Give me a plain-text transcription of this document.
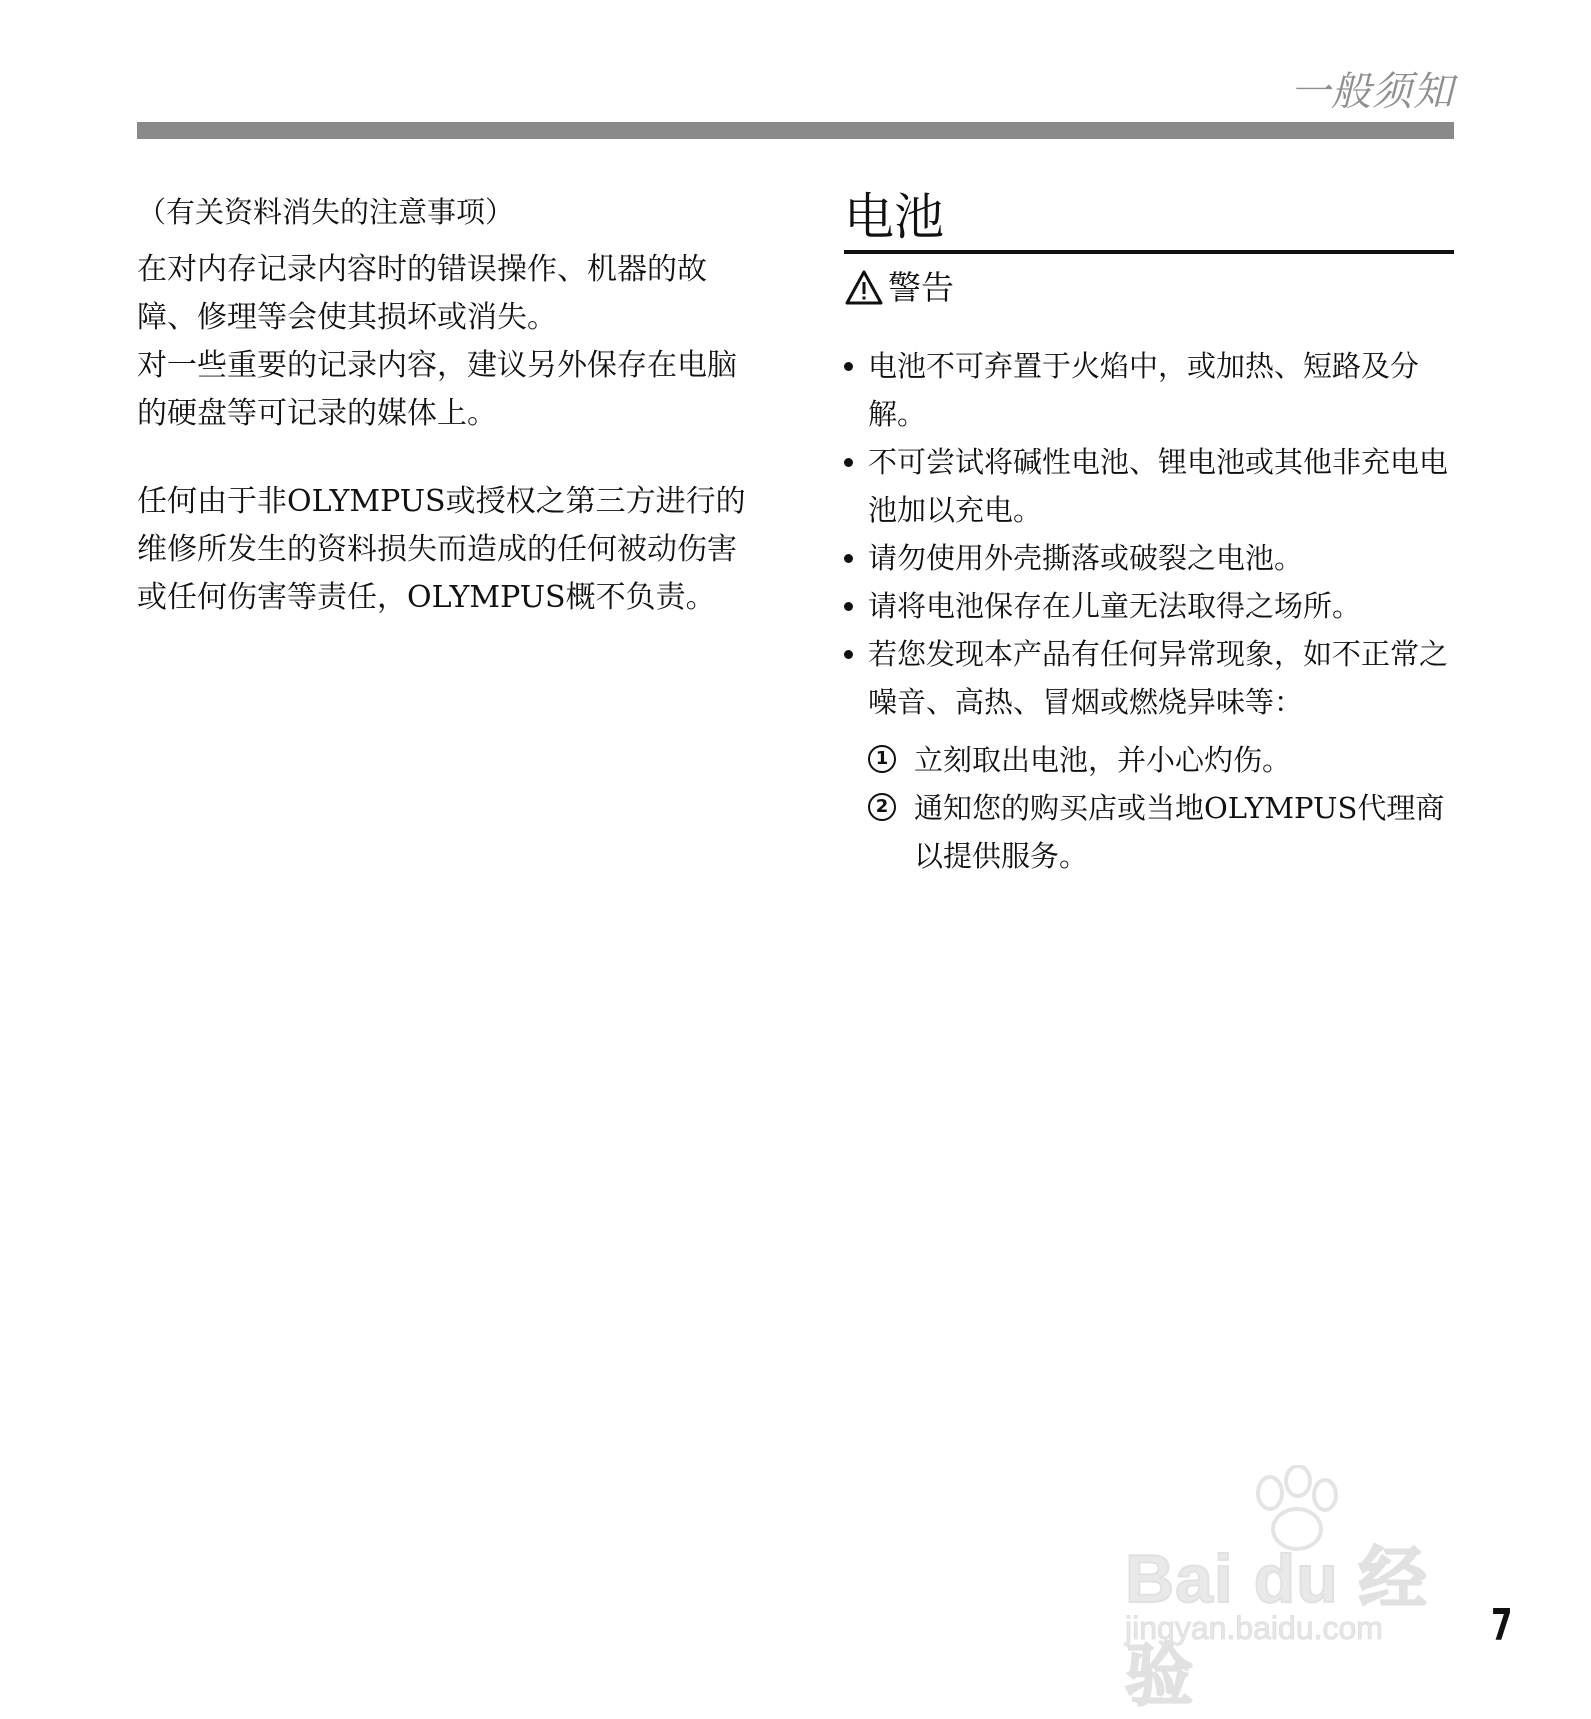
一般须知
（有关资料消失的注意事项）

在对内存记录内容时的错误操作、机器的故障、修理等会使其损坏或消失。

对一些重要的记录内容，建议另外保存在电脑的硬盘等可记录的媒体上。

任何由于非OLYMPUS或授权之第三方进行的维修所发生的资料损失而造成的任何被动伤害或任何伤害等责任，OLYMPUS概不负责。

电池
警告
电池不可弃置于火焰中，或加热、短路及分解。
不可尝试将碱性电池、锂电池或其他非充电电池加以充电。
请勿使用外壳撕落或破裂之电池。
请将电池保存在儿童无法取得之场所。
若您发现本产品有任何异常现象，如不正常之噪音、高热、冒烟或燃烧异味等：
1 立刻取出电池，并小心灼伤。
2 通知您的购买店或当地OLYMPUS代理商以提供服务。
Bai du 经验
jingyan.baidu.com 7
